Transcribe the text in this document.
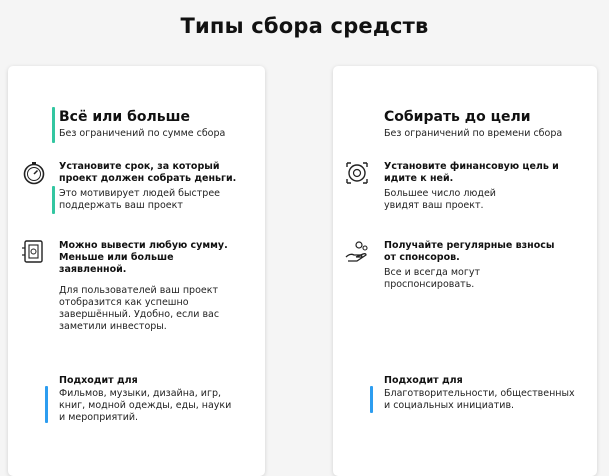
Типы сбора средств
Всё или больше
Без ограничений по сумме сбора
Установите срок, за который
проект должен собрать деньги.
Это мотивирует людей быстрее
поддержать ваш проект
Можно вывести любую сумму.
Меньше или больше
заявленной.
Для пользователей ваш проект
отобразится как успешно
завершённый. Удобно, если вас
заметили инвесторы.
Подходит для
Фильмов, музыки, дизайна, игр,
книг, модной одежды, еды, науки
и мероприятий.
Собирать до цели
Без ограничений по времени сбора
Установите финансовую цель и
идите к ней.
Большее число людей
увидят ваш проект.
Получайте регулярные взносы
от спонсоров.
Все и всегда могут
проспонсировать.
Подходит для
Благотворительности, общественных
и социальных инициатив.
